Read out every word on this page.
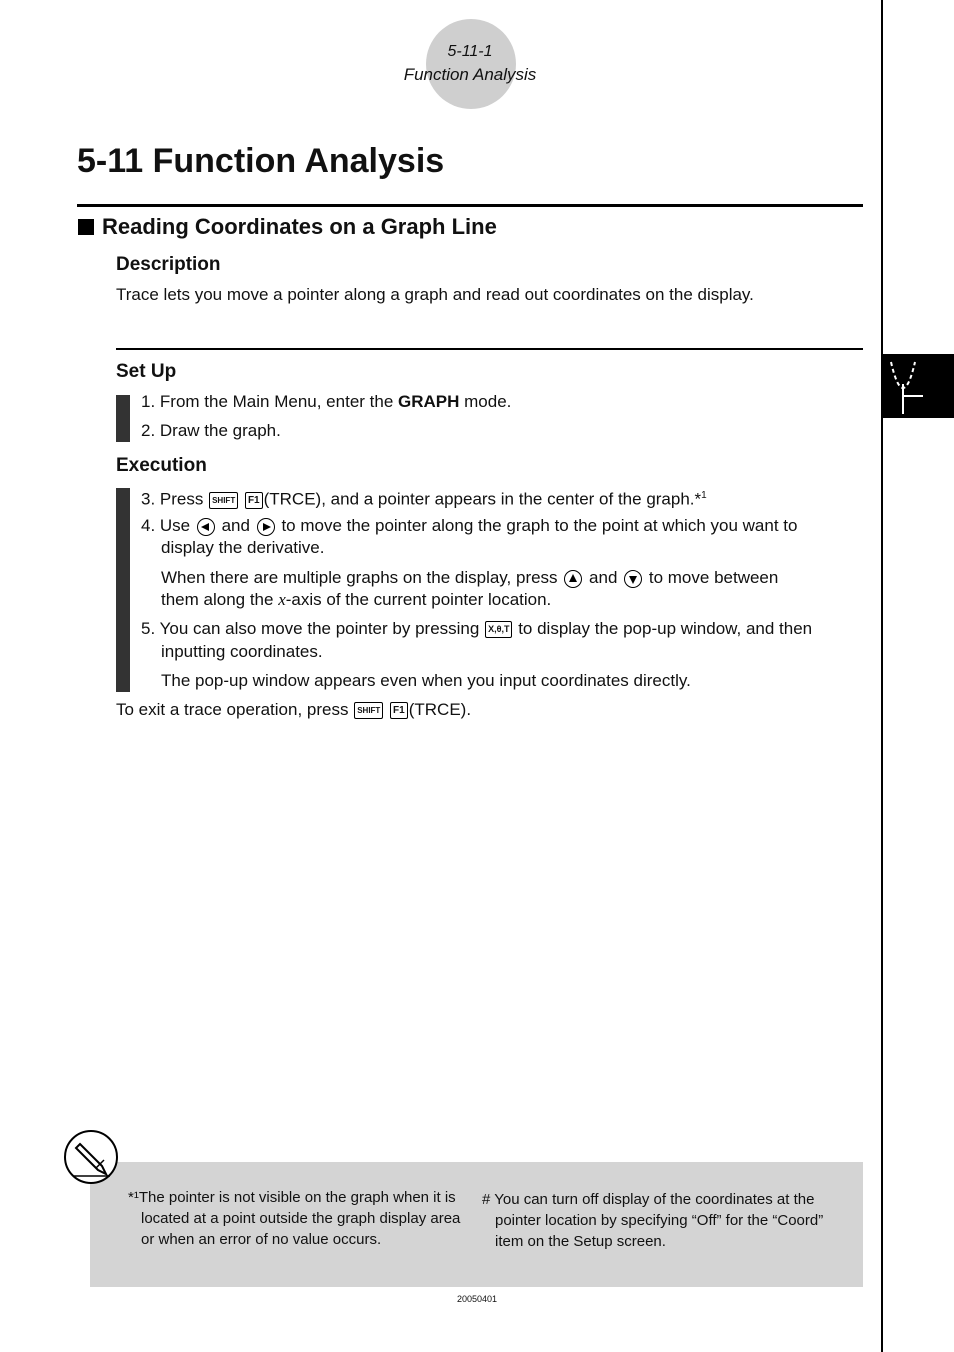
5-11-1
Function Analysis
5-11 Function Analysis
Reading Coordinates on a Graph Line
Description
Trace lets you move a pointer along a graph and read out coordinates on the display.
Set Up
1. From the Main Menu, enter the GRAPH mode.
2. Draw the graph.
Execution
3. Press SHIFT F1 (TRCE), and a pointer appears in the center of the graph.*$^1$
4. Use  and to move the pointer along the graph to the point at which you want to
display the derivative.
When there are multiple graphs on the display, press and to move between
them along the x-axis of the current pointer location.
5. You can also move the pointer by pressing X,θ,T to display the pop-up window, and then
inputting coordinates.
The pop-up window appears even when you input coordinates directly.
To exit a trace operation, press SHIFT F1 (TRCE).
*¹The pointer is not visible on the graph when it is located at a point outside the graph display area or when an error of no value occurs.
# You can turn off display of the coordinates at the pointer location by specifying “Off” for the “Coord” item on the Setup screen.
20050401
